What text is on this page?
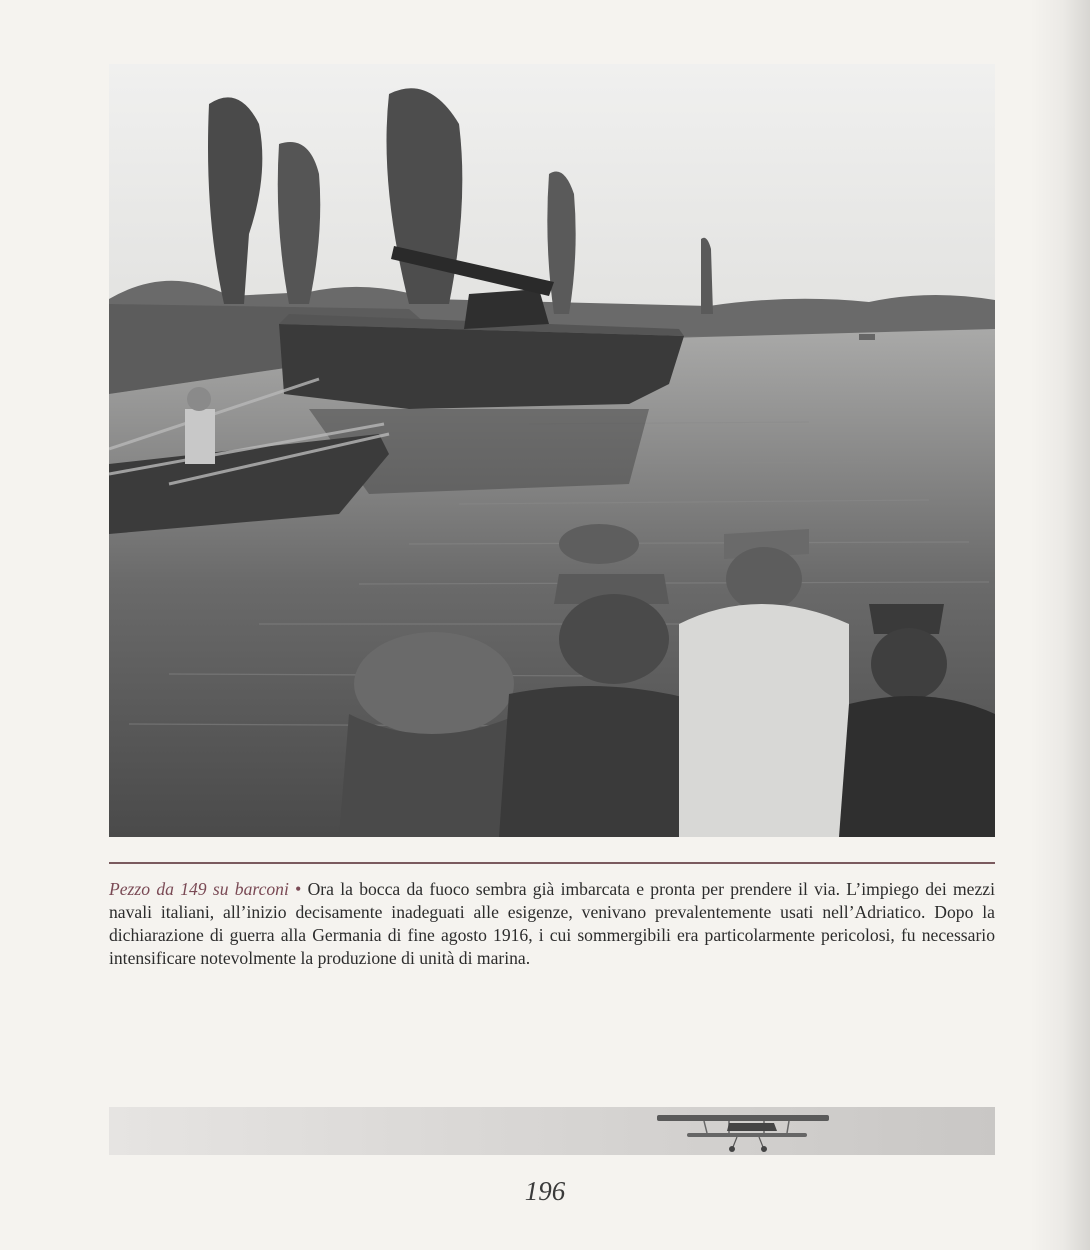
Pezzo da 149 su barconi • Ora la bocca da fuoco sembra già imbarcata e pronta per prendere il via. L’impiego dei mezzi navali italiani, all’inizio decisamente inadeguati alle esigenze, venivano prevalentemente usati nell’Adriatico. Dopo la dichiarazione di guerra alla Germania di fine agosto 1916, i cui sommergibili era particolarmente pericolosi, fu necessario intensificare notevolmente la produzione di unità di marina.
196
